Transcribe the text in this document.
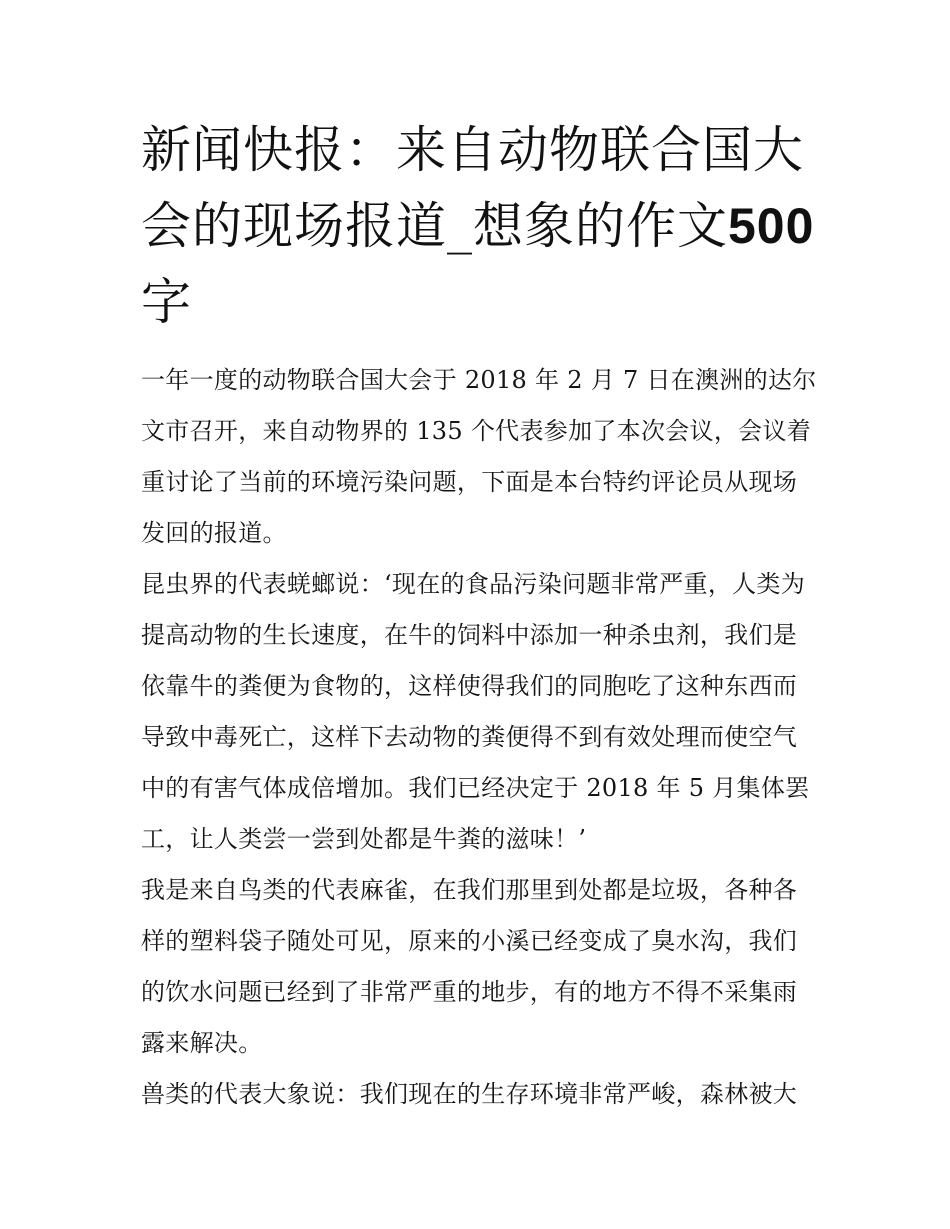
新闻快报：来自动物联合国大会的现场报道_想象的作文500字

一年一度的动物联合国大会于 2018 年 2 月 7 日在澳洲的达尔文市召开，来自动物界的 135 个代表参加了本次会议，会议着重讨论了当前的环境污染问题，下面是本台特约评论员从现场发回的报道。

昆虫界的代表蜣螂说：‘现在的食品污染问题非常严重，人类为提高动物的生长速度，在牛的饲料中添加一种杀虫剂，我们是依靠牛的粪便为食物的，这样使得我们的同胞吃了这种东西而导致中毒死亡，这样下去动物的粪便得不到有效处理而使空气中的有害气体成倍增加。我们已经决定于 2018 年 5 月集体罢工，让人类尝一尝到处都是牛粪的滋味！’

我是来自鸟类的代表麻雀，在我们那里到处都是垃圾，各种各样的塑料袋子随处可见，原来的小溪已经变成了臭水沟，我们的饮水问题已经到了非常严重的地步，有的地方不得不采集雨露来解决。

兽类的代表大象说：我们现在的生存环境非常严峻，森林被大
